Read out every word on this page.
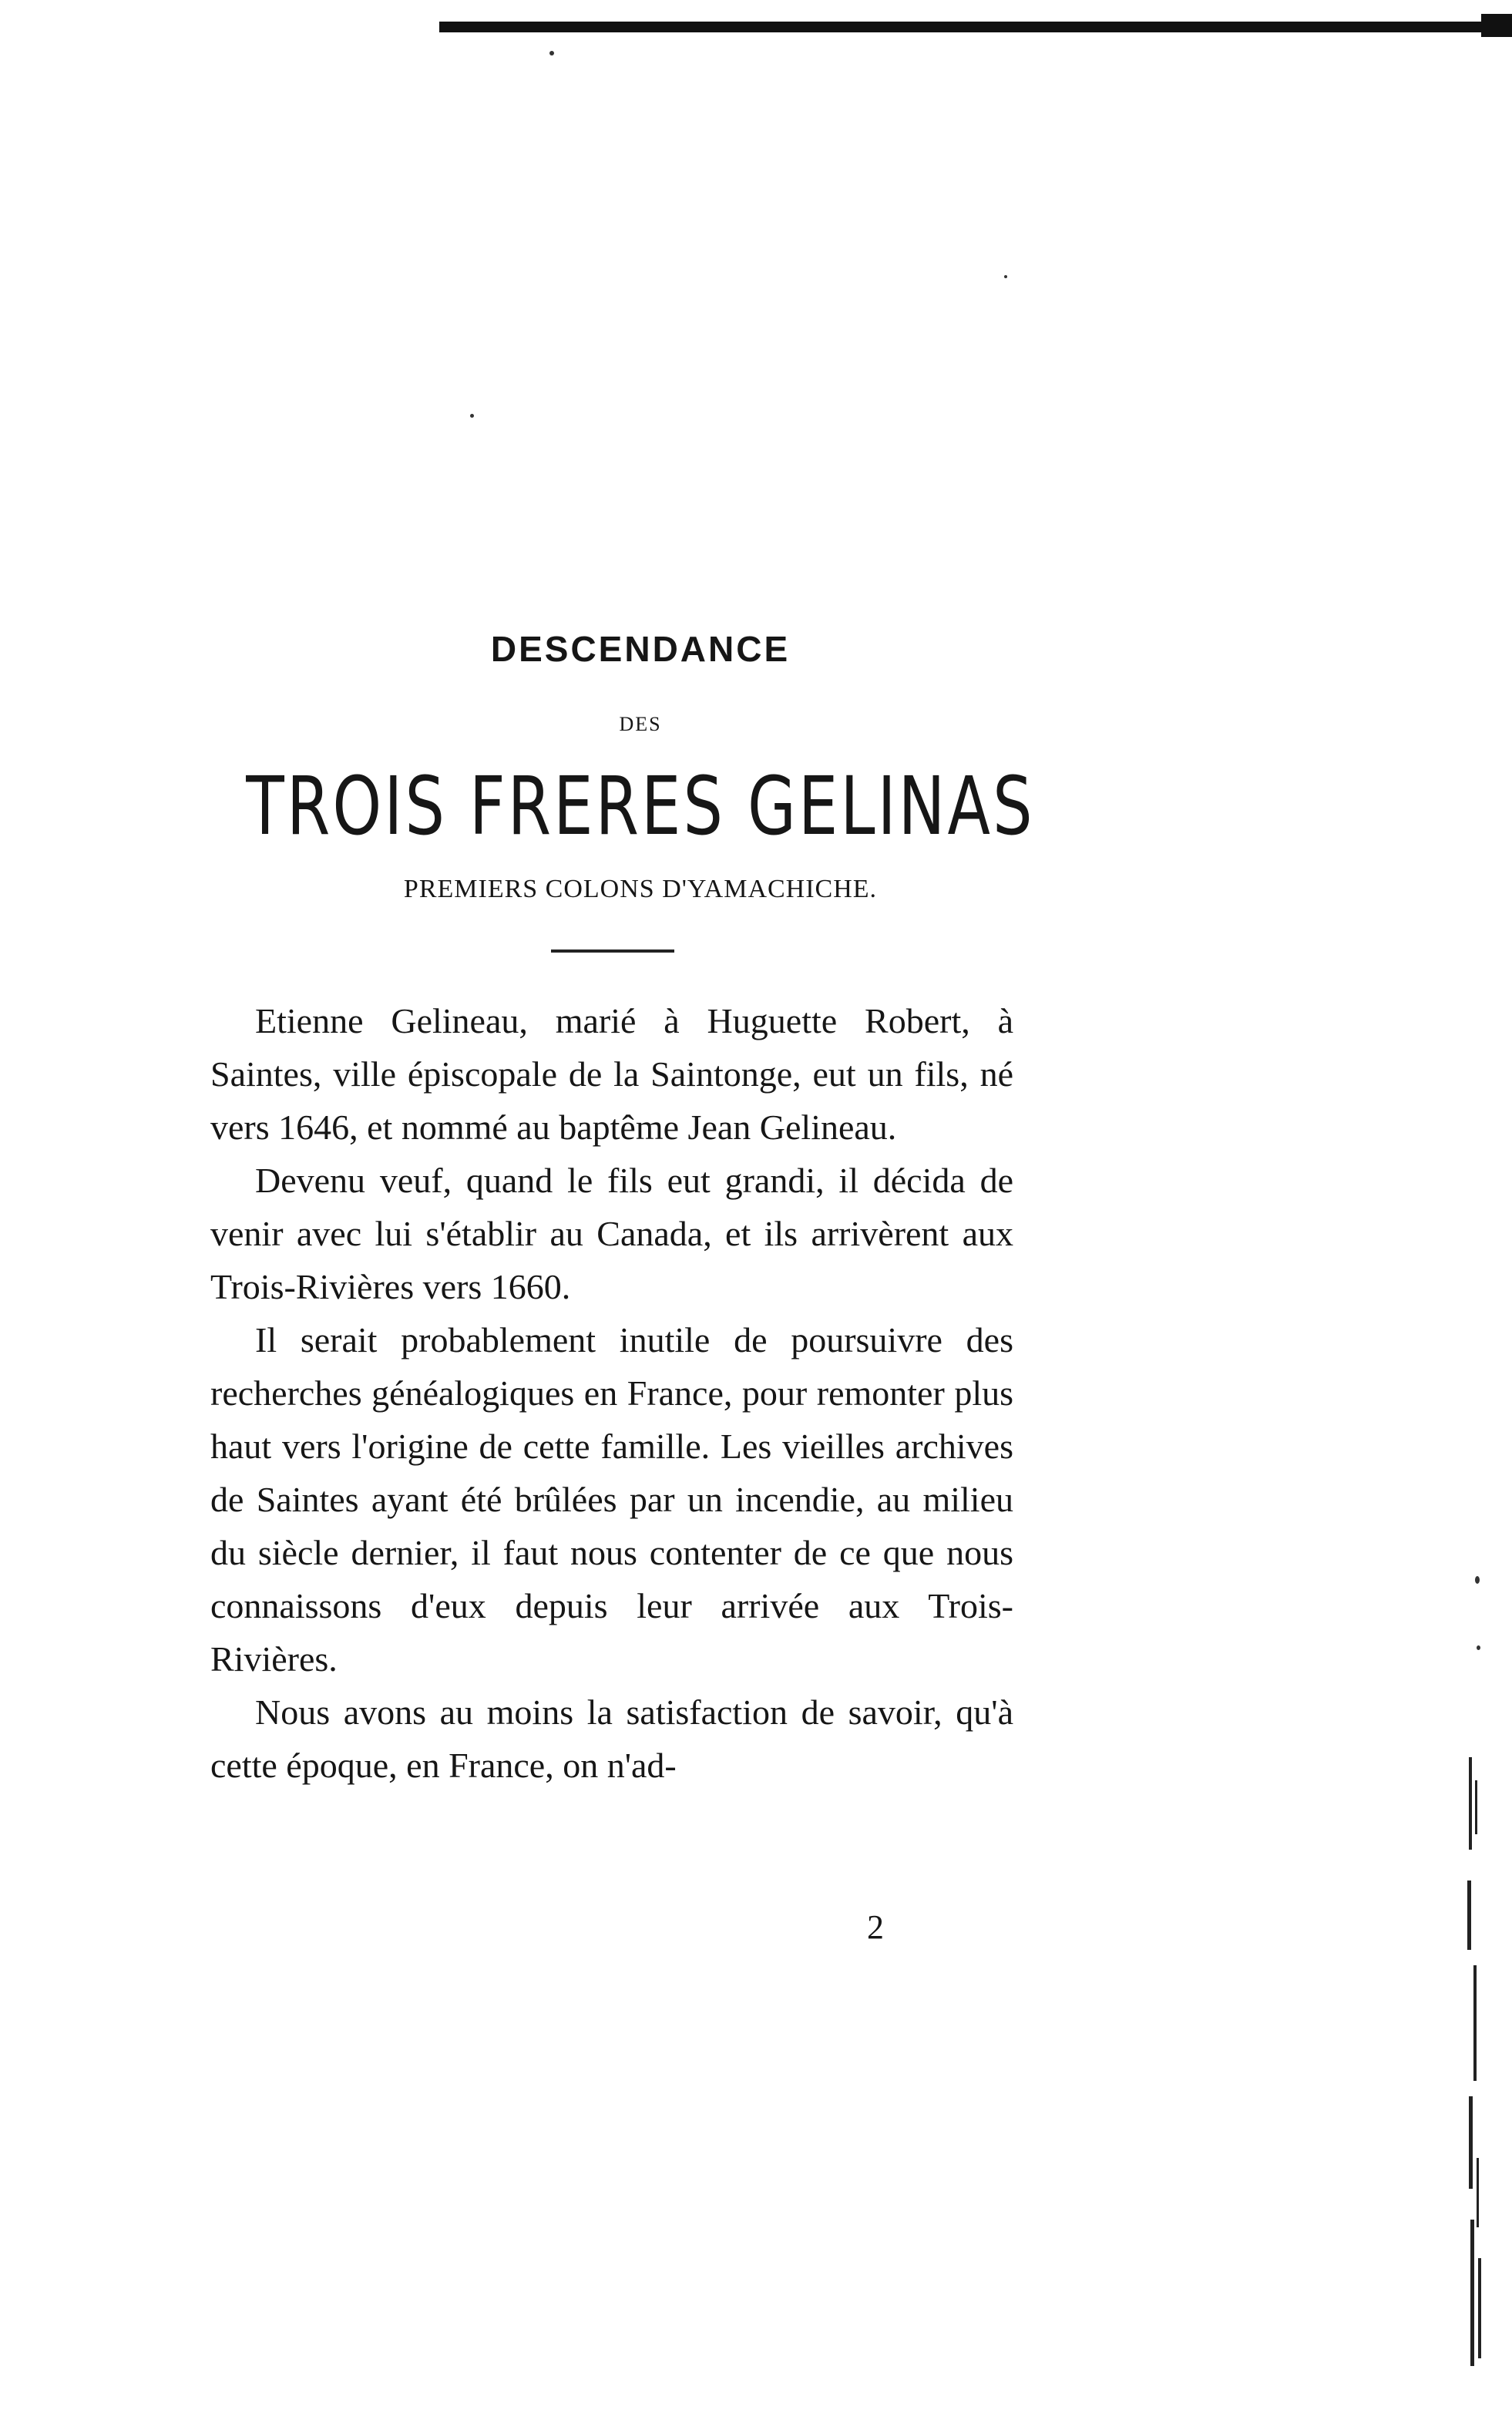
DESCENDANCE
DES
TROIS FRERES GELINAS
PREMIERS COLONS D'YAMACHICHE.

Etienne Gelineau, marié à Huguette Robert, à Saintes, ville épiscopale de la Saintonge, eut un fils, né vers 1646, et nommé au baptême Jean Gelineau.

Devenu veuf, quand le fils eut grandi, il décida de venir avec lui s'établir au Canada, et ils arrivèrent aux Trois-Rivières vers 1660.

Il serait probablement inutile de poursuivre des recherches généalogiques en France, pour remonter plus haut vers l'origine de cette famille. Les vieilles archives de Saintes ayant été brûlées par un incendie, au milieu du siècle dernier, il faut nous contenter de ce que nous connaissons d'eux depuis leur arrivée aux Trois-Rivières.

Nous avons au moins la satisfaction de savoir, qu'à cette époque, en France, on n'ad-

2
